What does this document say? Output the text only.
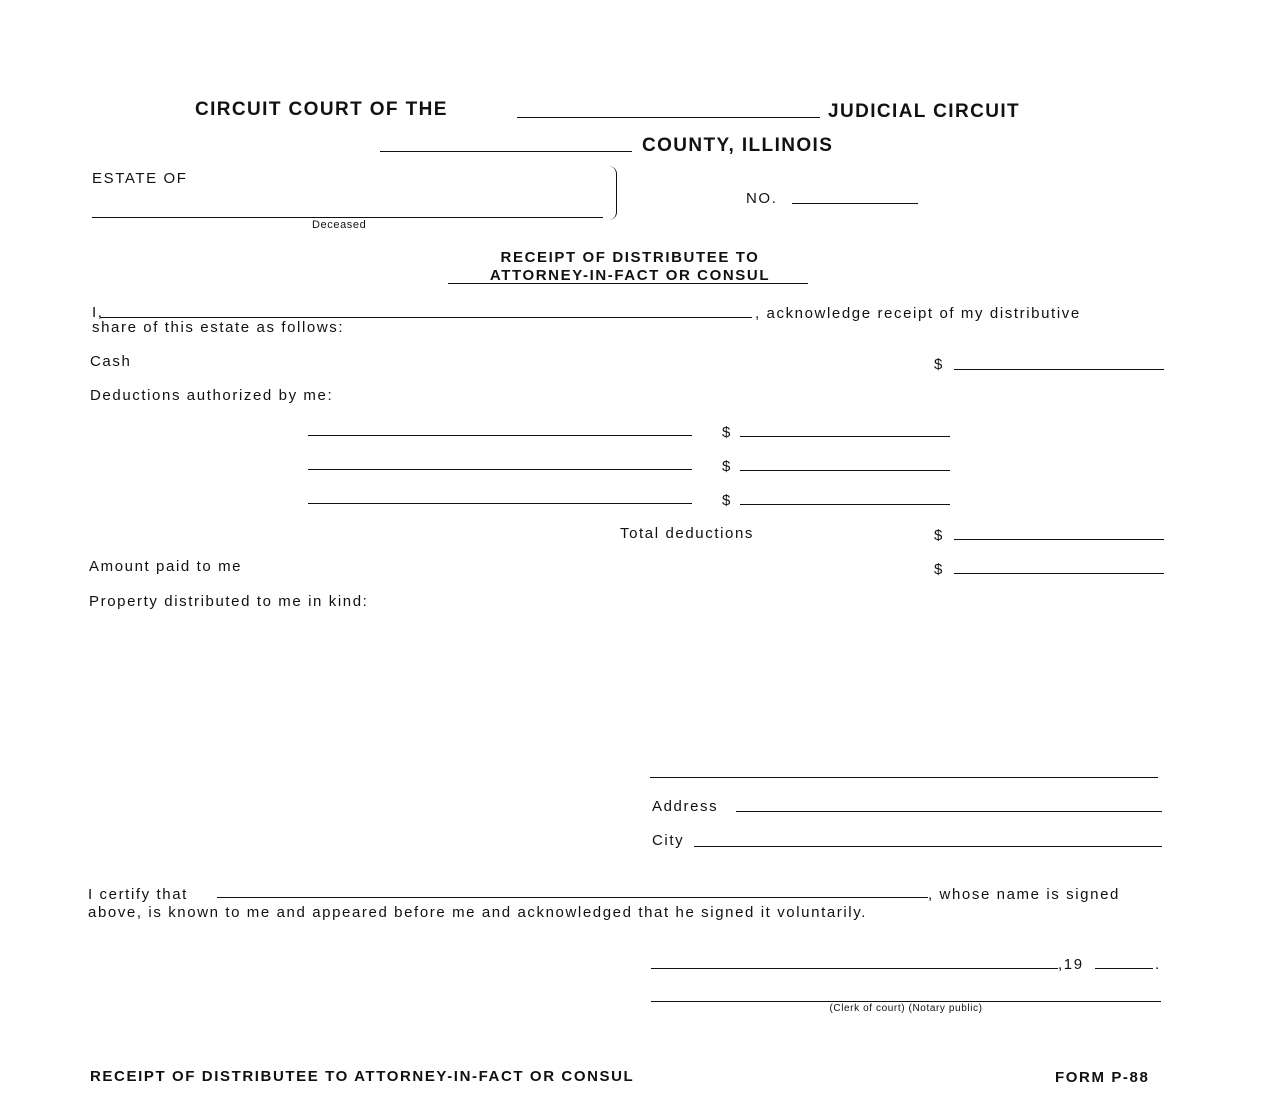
CIRCUIT COURT OF THE	JUDICIAL CIRCUIT
COUNTY, ILLINOIS
ESTATE OF
Deceased
NO.
RECEIPT OF DISTRIBUTEE TO
ATTORNEY-IN-FACT OR CONSUL
I,	, acknowledge receipt of my distributive
share of this estate as follows:
Cash	$
Deductions authorized by me:
$
$
$
Total deductions	$
Amount paid to me	$
Property distributed to me in kind:
Address
City
I certify that	, whose name is signed
above, is known to me and appeared before me and acknowledged that he signed it voluntarily.
,19	.
(Clerk of court) (Notary public)
RECEIPT OF DISTRIBUTEE TO ATTORNEY-IN-FACT OR CONSUL	FORM P-88
